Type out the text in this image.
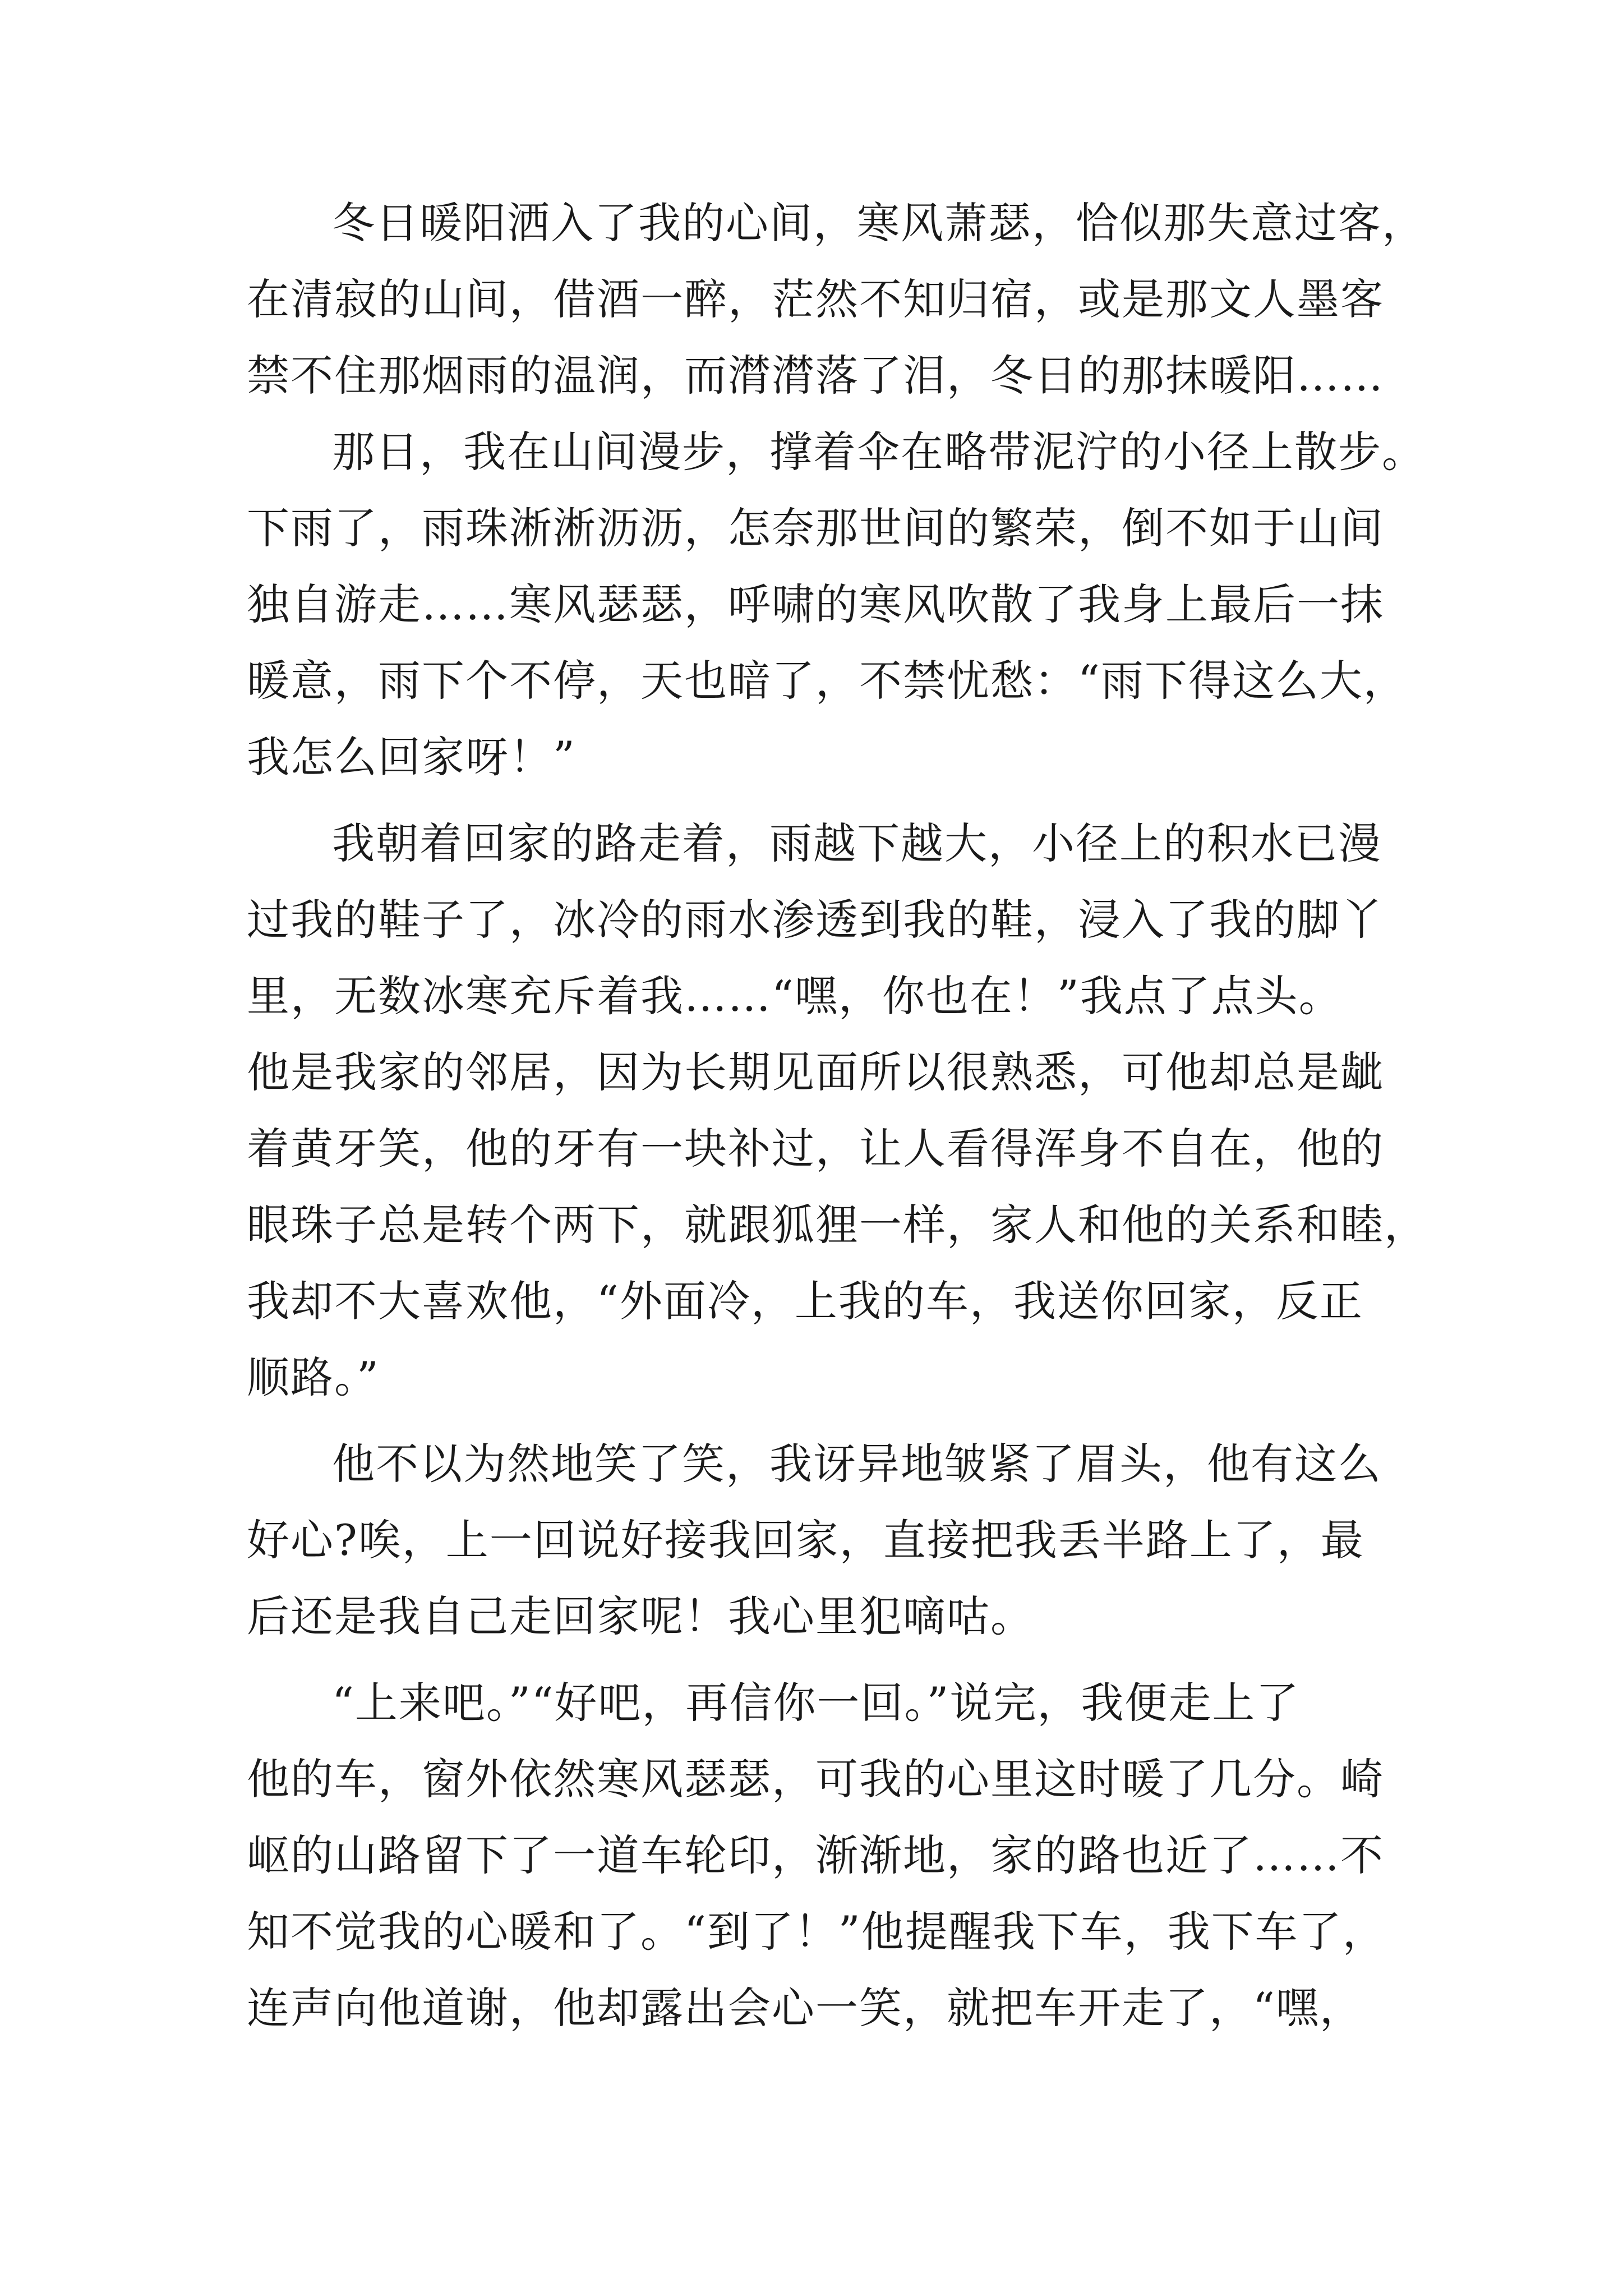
冬日暖阳洒入了我的心间，寒风萧瑟，恰似那失意过客，
在清寂的山间，借酒一醉，茫然不知归宿，或是那文人墨客
禁不住那烟雨的温润，而潸潸落了泪，冬日的那抹暖阳……
那日，我在山间漫步，撑着伞在略带泥泞的小径上散步。
下雨了，雨珠淅淅沥沥，怎奈那世间的繁荣，倒不如于山间
独自游走……寒风瑟瑟，呼啸的寒风吹散了我身上最后一抹
暖意，雨下个不停，天也暗了，不禁忧愁：“雨下得这么大，
我怎么回家呀！”
我朝着回家的路走着，雨越下越大，小径上的积水已漫
过我的鞋子了，冰冷的雨水渗透到我的鞋，浸入了我的脚丫
里，无数冰寒充斥着我……“嘿，你也在！”我点了点头。
他是我家的邻居，因为长期见面所以很熟悉，可他却总是龇
着黄牙笑，他的牙有一块补过，让人看得浑身不自在，他的
眼珠子总是转个两下，就跟狐狸一样，家人和他的关系和睦，
我却不大喜欢他，“外面冷，上我的车，我送你回家，反正
顺路。”
他不以为然地笑了笑，我讶异地皱紧了眉头，他有这么
好心?唉，上一回说好接我回家，直接把我丢半路上了，最
后还是我自己走回家呢！我心里犯嘀咕。
“上来吧。”“好吧，再信你一回。”说完，我便走上了
他的车，窗外依然寒风瑟瑟，可我的心里这时暖了几分。崎
岖的山路留下了一道车轮印，渐渐地，家的路也近了……不
知不觉我的心暖和了。“到了！”他提醒我下车，我下车了，
连声向他道谢，他却露出会心一笑，就把车开走了，“嘿，
